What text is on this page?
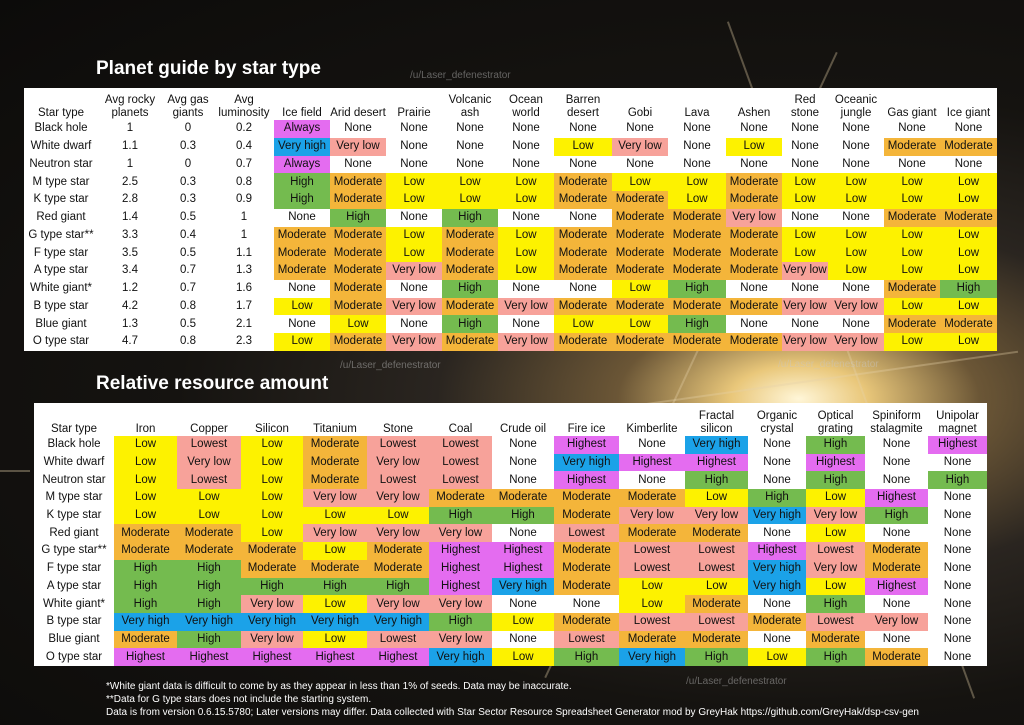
/u/Laser_defenestrator
/u/Laser_defenestrator	/u/Laser_defenestrator
/u/Laser_defenestrator
Planet guide by star type
Star type	Avg rocky planets	Avg gas giants	Avg luminosity	Ice field	Arid desert	Prairie	Volcanic ash	Ocean world	Barren desert	Gobi	Lava	Ashen	Red stone	Oceanic jungle	Gas giant	Ice giant
Black hole	1	0	0.2	Always	None	None	None	None	None	None	None	None	None	None	None	None
White dwarf	1.1	0.3	0.4	Very high	Very low	None	None	None	Low	Very low	None	Low	None	None	Moderate	Moderate
Neutron star	1	0	0.7	Always	None	None	None	None	None	None	None	None	None	None	None	None
M type star	2.5	0.3	0.8	High	Moderate	Low	Low	Low	Moderate	Low	Low	Moderate	Low	Low	Low	Low
K type star	2.8	0.3	0.9	High	Moderate	Low	Low	Low	Moderate	Moderate	Low	Moderate	Low	Low	Low	Low
Red giant	1.4	0.5	1	None	High	None	High	None	None	Moderate	Moderate	Very low	None	None	Moderate	Moderate
G type star**	3.3	0.4	1	Moderate	Moderate	Low	Moderate	Low	Moderate	Moderate	Moderate	Moderate	Low	Low	Low	Low
F type star	3.5	0.5	1.1	Moderate	Moderate	Low	Moderate	Low	Moderate	Moderate	Moderate	Moderate	Low	Low	Low	Low
A type star	3.4	0.7	1.3	Moderate	Moderate	Very low	Moderate	Low	Moderate	Moderate	Moderate	Moderate	Very low	Low	Low	Low
White giant*	1.2	0.7	1.6	None	Moderate	None	High	None	None	Low	High	None	None	None	Moderate	High
B type star	4.2	0.8	1.7	Low	Moderate	Very low	Moderate	Very low	Moderate	Moderate	Moderate	Moderate	Very low	Very low	Low	Low
Blue giant	1.3	0.5	2.1	None	Low	None	High	None	Low	Low	High	None	None	None	Moderate	Moderate
O type star	4.7	0.8	2.3	Low	Moderate	Very low	Moderate	Very low	Moderate	Moderate	Moderate	Moderate	Very low	Very low	Low	Low
Relative resource amount
Star type	Iron	Copper	Silicon	Titanium	Stone	Coal	Crude oil	Fire ice	Kimberlite	Fractal silicon	Organic crystal	Optical grating	Spiniform stalagmite	Unipolar magnet
Black hole	Low	Lowest	Low	Moderate	Lowest	Lowest	None	Highest	None	Very high	None	High	None	Highest
White dwarf	Low	Very low	Low	Moderate	Very low	Lowest	None	Very high	Highest	Highest	None	Highest	None	None
Neutron star	Low	Lowest	Low	Moderate	Lowest	Lowest	None	Highest	None	High	None	High	None	High
M type star	Low	Low	Low	Very low	Very low	Moderate	Moderate	Moderate	Moderate	Low	High	Low	Highest	None
K type star	Low	Low	Low	Low	Low	High	High	Moderate	Very low	Very low	Very high	Very low	High	None
Red giant	Moderate	Moderate	Low	Very low	Very low	Very low	None	Lowest	Moderate	Moderate	None	Low	None	None
G type star**	Moderate	Moderate	Moderate	Low	Moderate	Highest	Highest	Moderate	Lowest	Lowest	Highest	Lowest	Moderate	None
F type star	High	High	Moderate	Moderate	Moderate	Highest	Highest	Moderate	Lowest	Lowest	Very high	Very low	Moderate	None
A type star	High	High	High	High	High	Highest	Very high	Moderate	Low	Low	Very high	Low	Highest	None
White giant*	High	High	Very low	Low	Very low	Very low	None	None	Low	Moderate	None	High	None	None
B type star	Very high	Very high	Very high	Very high	Very high	High	Low	Moderate	Lowest	Lowest	Moderate	Lowest	Very low	None
Blue giant	Moderate	High	Very low	Low	Lowest	Very low	None	Lowest	Moderate	Moderate	None	Moderate	None	None
O type star	Highest	Highest	Highest	Highest	Highest	Very high	Low	High	Very high	High	Low	High	Moderate	None
*White giant data is difficult to come by as they appear in less than 1% of seeds. Data may be inaccurate.
**Data for G type stars does not include the starting system.
Data is from version 0.6.15.5780; Later versions may differ. Data collected with Star Sector Resource Spreadsheet Generator mod by GreyHak https://github.com/GreyHak/dsp-csv-gen
